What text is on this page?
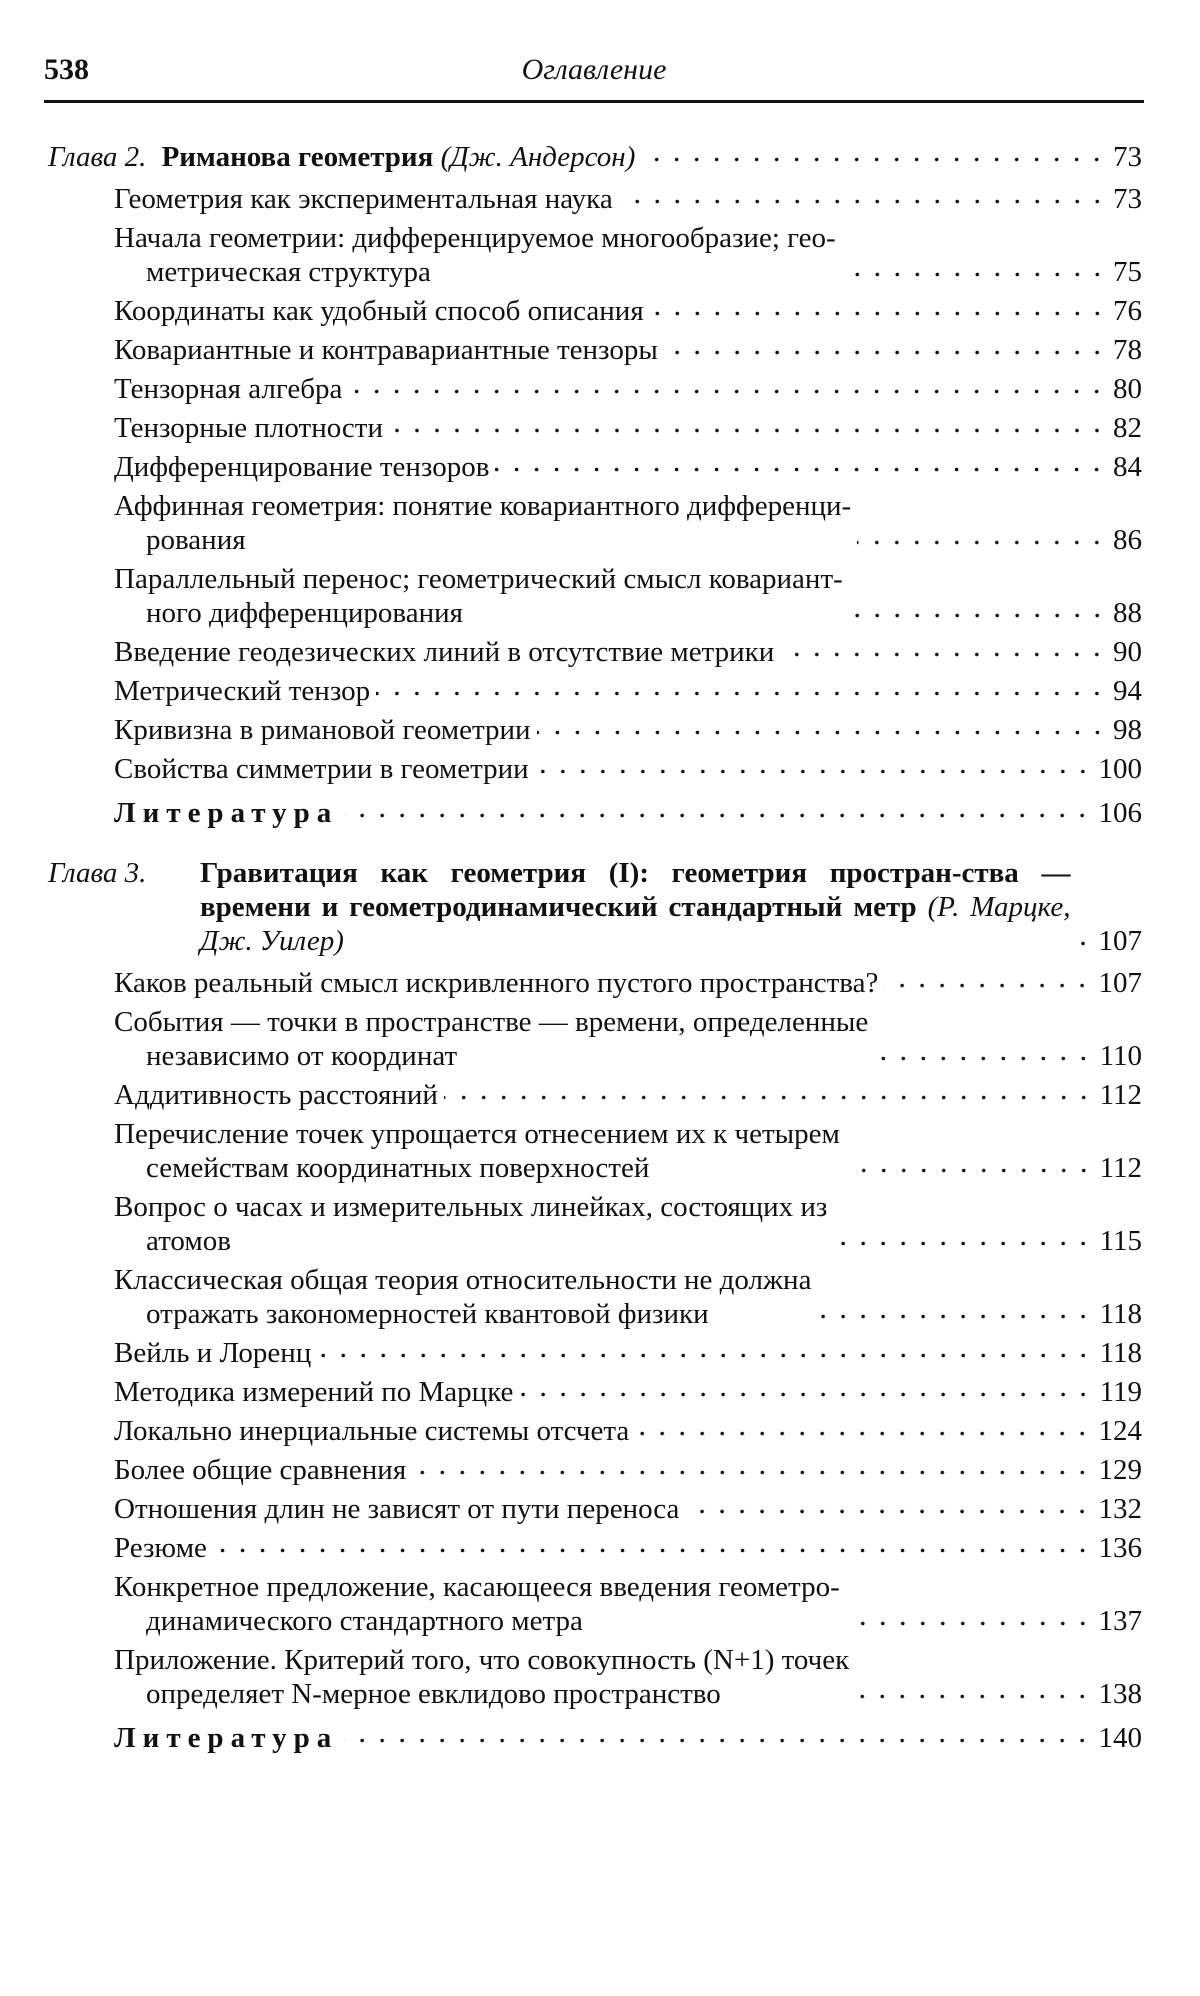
538	Оглавление
Глава 2. Риманова геометрия (Дж. Андерсон)	73
Геометрия как экспериментальная наука	73
Начала геометрии: дифференцируемое многообразие; гео-
метрическая структура	75
Координаты как удобный способ описания	76
Ковариантные и контравариантные тензоры	78
Тензорная алгебра	80
Тензорные плотности	82
Дифференцирование тензоров	84
Аффинная геометрия: понятие ковариантного дифференци-
рования	86
Параллельный перенос; геометрический смысл ковариант-
ного дифференцирования	88
Введение геодезических линий в отсутствие метрики	90
Метрический тензор	94
Кривизна в римановой геометрии	98
Свойства симметрии в геометрии	100
Литература	106
Глава 3. Гравитация как геометрия (I): геометрия простран-ства — времени и геометродинамический стандартный метр (Р. Марцке, Дж. Уилер)	107
Каков реальный смысл искривленного пустого пространства?	107
События — точки в пространстве — времени, определенные
независимо от координат	110
Аддитивность расстояний	112
Перечисление точек упрощается отнесением их к четырем
семействам координатных поверхностей	112
Вопрос о часах и измерительных линейках, состоящих из
атомов	115
Классическая общая теория относительности не должна
отражать закономерностей квантовой физики	118
Вейль и Лоренц	118
Методика измерений по Марцке	119
Локально инерциальные системы отсчета	124
Более общие сравнения	129
Отношения длин не зависят от пути переноса	132
Резюме	136
Конкретное предложение, касающееся введения геометро-
динамического стандартного метра	137
Приложение. Критерий того, что совокупность (N+1) точек
определяет N-мерное евклидово пространство	138
Литература	140
